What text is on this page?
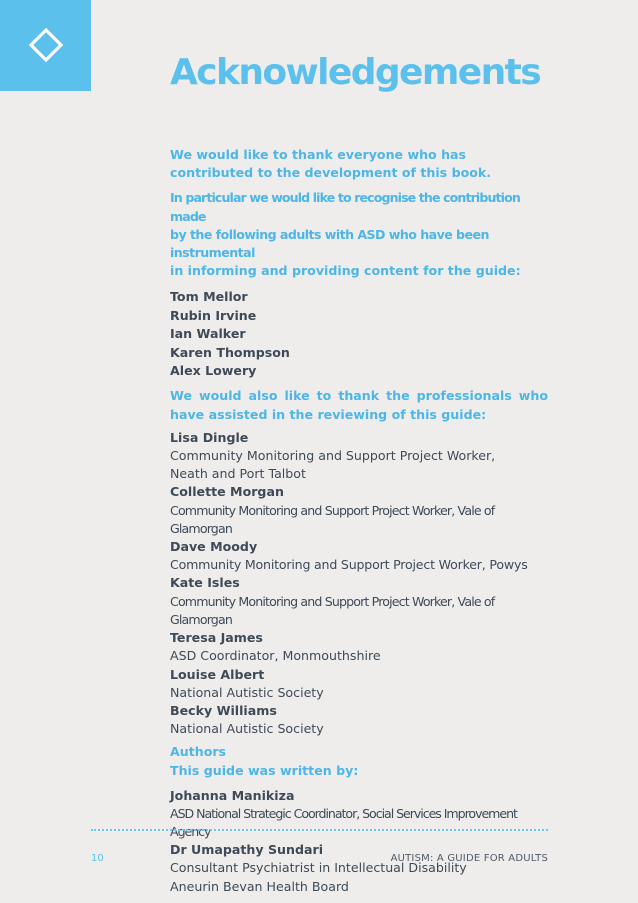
Acknowledgements

We would like to thank everyone who has contributed to the development of this book.

In particular we would like to recognise the contribution made
by the following adults with ASD who have been instrumental
in informing and providing content for the guide:

Tom Mellor
Rubin Irvine
Ian Walker
Karen Thompson
Alex Lowery
We would also like to thank the professionals who have assisted in the reviewing of this guide:
Lisa Dingle
Community Monitoring and Support Project Worker,
Neath and Port Talbot
Collette Morgan
Community Monitoring and Support Project Worker, Vale of Glamorgan
Dave Moody
Community Monitoring and Support Project Worker, Powys
Kate Isles
Community Monitoring and Support Project Worker, Vale of Glamorgan
Teresa James
ASD Coordinator, Monmouthshire
Louise Albert
National Autistic Society
Becky Williams
National Autistic Society
Authors
This guide was written by:
Johanna Manikiza
ASD National Strategic Coordinator, Social Services Improvement Agency
Dr Umapathy Sundari
Consultant Psychiatrist in Intellectual Disability
Aneurin Bevan Health Board
10	AUTISM: A GUIDE FOR ADULTS
